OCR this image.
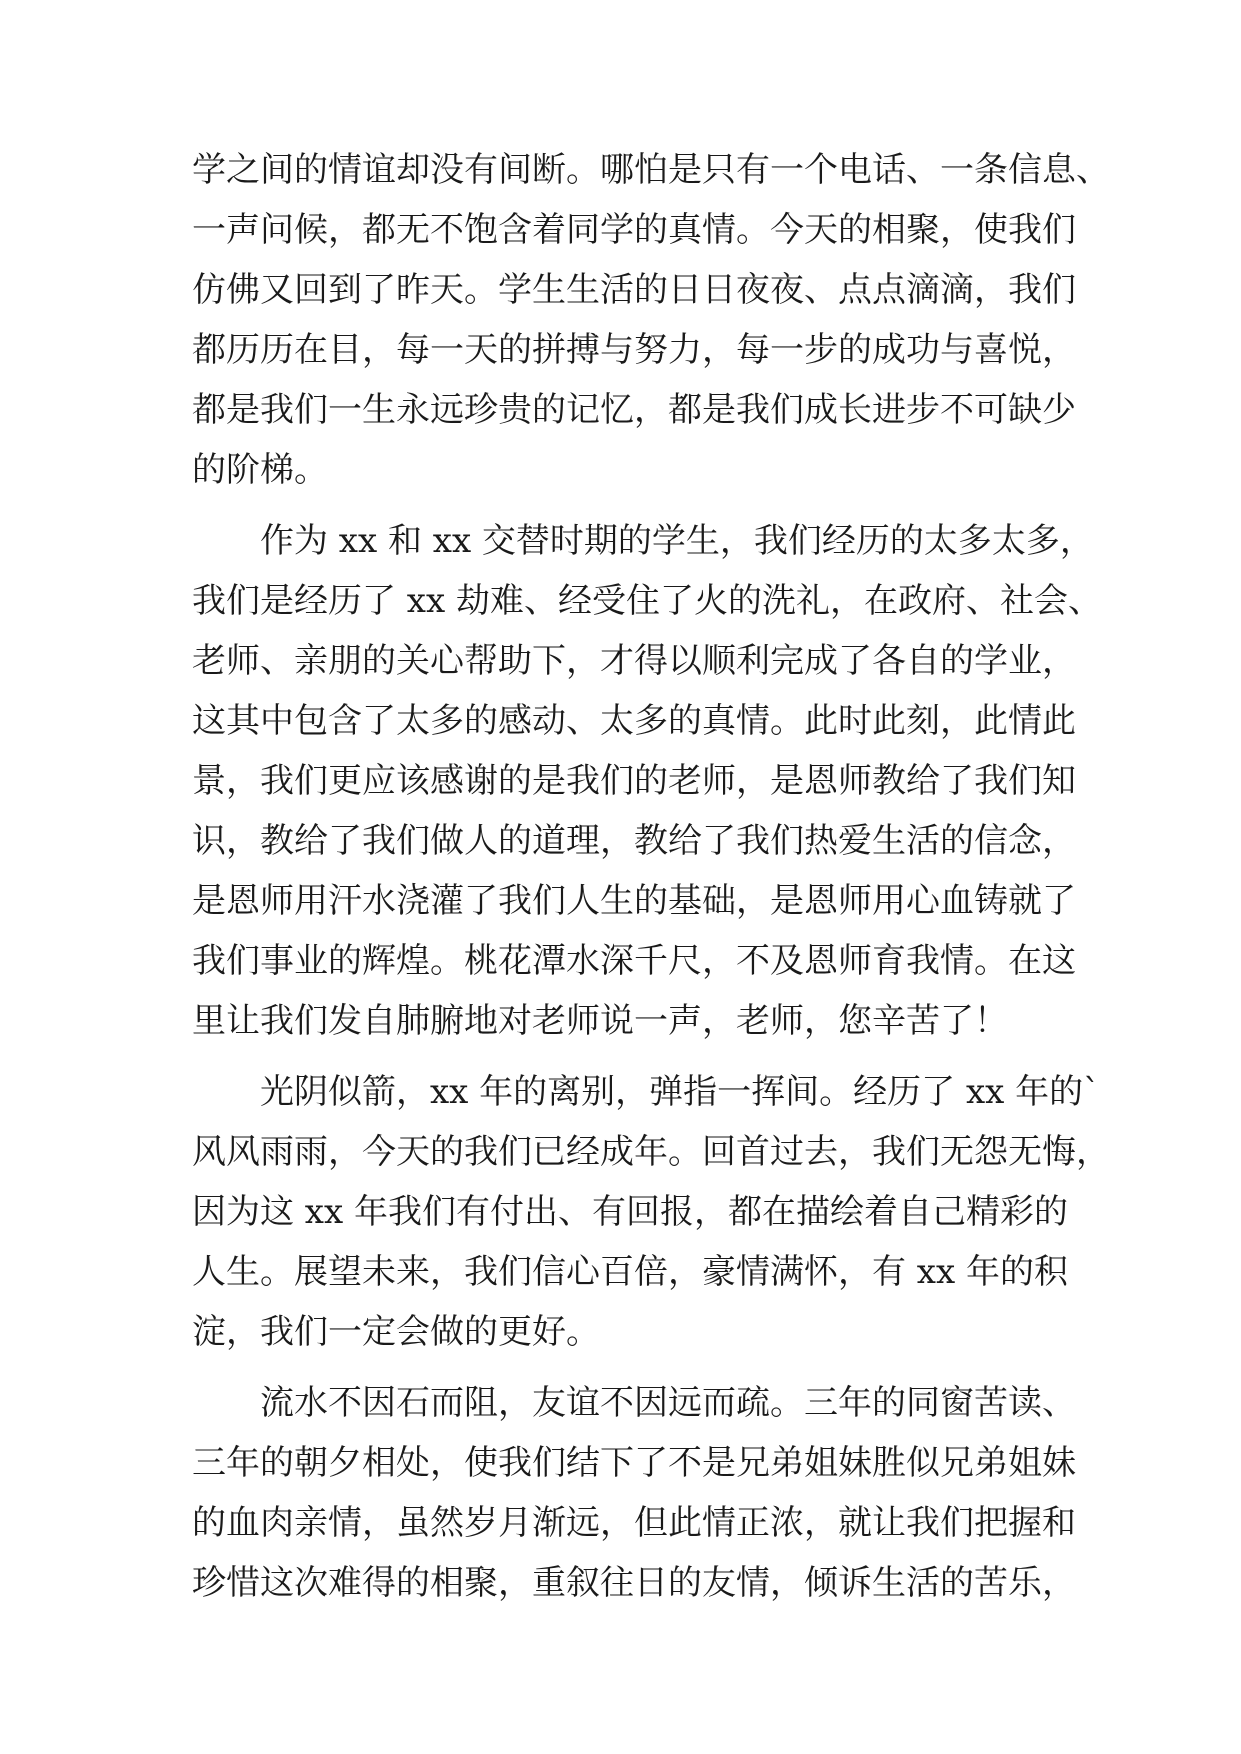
学之间的情谊却没有间断。哪怕是只有一个电话、一条信息、
一声问候，都无不饱含着同学的真情。今天的相聚，使我们
仿佛又回到了昨天。学生生活的日日夜夜、点点滴滴，我们
都历历在目，每一天的拼搏与努力，每一步的成功与喜悦，
都是我们一生永远珍贵的记忆，都是我们成长进步不可缺少
的阶梯。
　　作为 xx 和 xx 交替时期的学生，我们经历的太多太多，
我们是经历了 xx 劫难、经受住了火的洗礼，在政府、社会、
老师、亲朋的关心帮助下，才得以顺利完成了各自的学业，
这其中包含了太多的感动、太多的真情。此时此刻，此情此
景，我们更应该感谢的是我们的老师，是恩师教给了我们知
识，教给了我们做人的道理，教给了我们热爱生活的信念，
是恩师用汗水浇灌了我们人生的基础，是恩师用心血铸就了
我们事业的辉煌。桃花潭水深千尺，不及恩师育我情。在这
里让我们发自肺腑地对老师说一声，老师，您辛苦了！
　　光阴似箭，xx 年的离别，弹指一挥间。经历了 xx 年的`
风风雨雨，今天的我们已经成年。回首过去，我们无怨无悔，
因为这 xx 年我们有付出、有回报，都在描绘着自己精彩的
人生。展望未来，我们信心百倍，豪情满怀，有 xx 年的积
淀，我们一定会做的更好。
　　流水不因石而阻，友谊不因远而疏。三年的同窗苦读、
三年的朝夕相处，使我们结下了不是兄弟姐妹胜似兄弟姐妹
的血肉亲情，虽然岁月渐远，但此情正浓，就让我们把握和
珍惜这次难得的相聚，重叙往日的友情，倾诉生活的苦乐，
